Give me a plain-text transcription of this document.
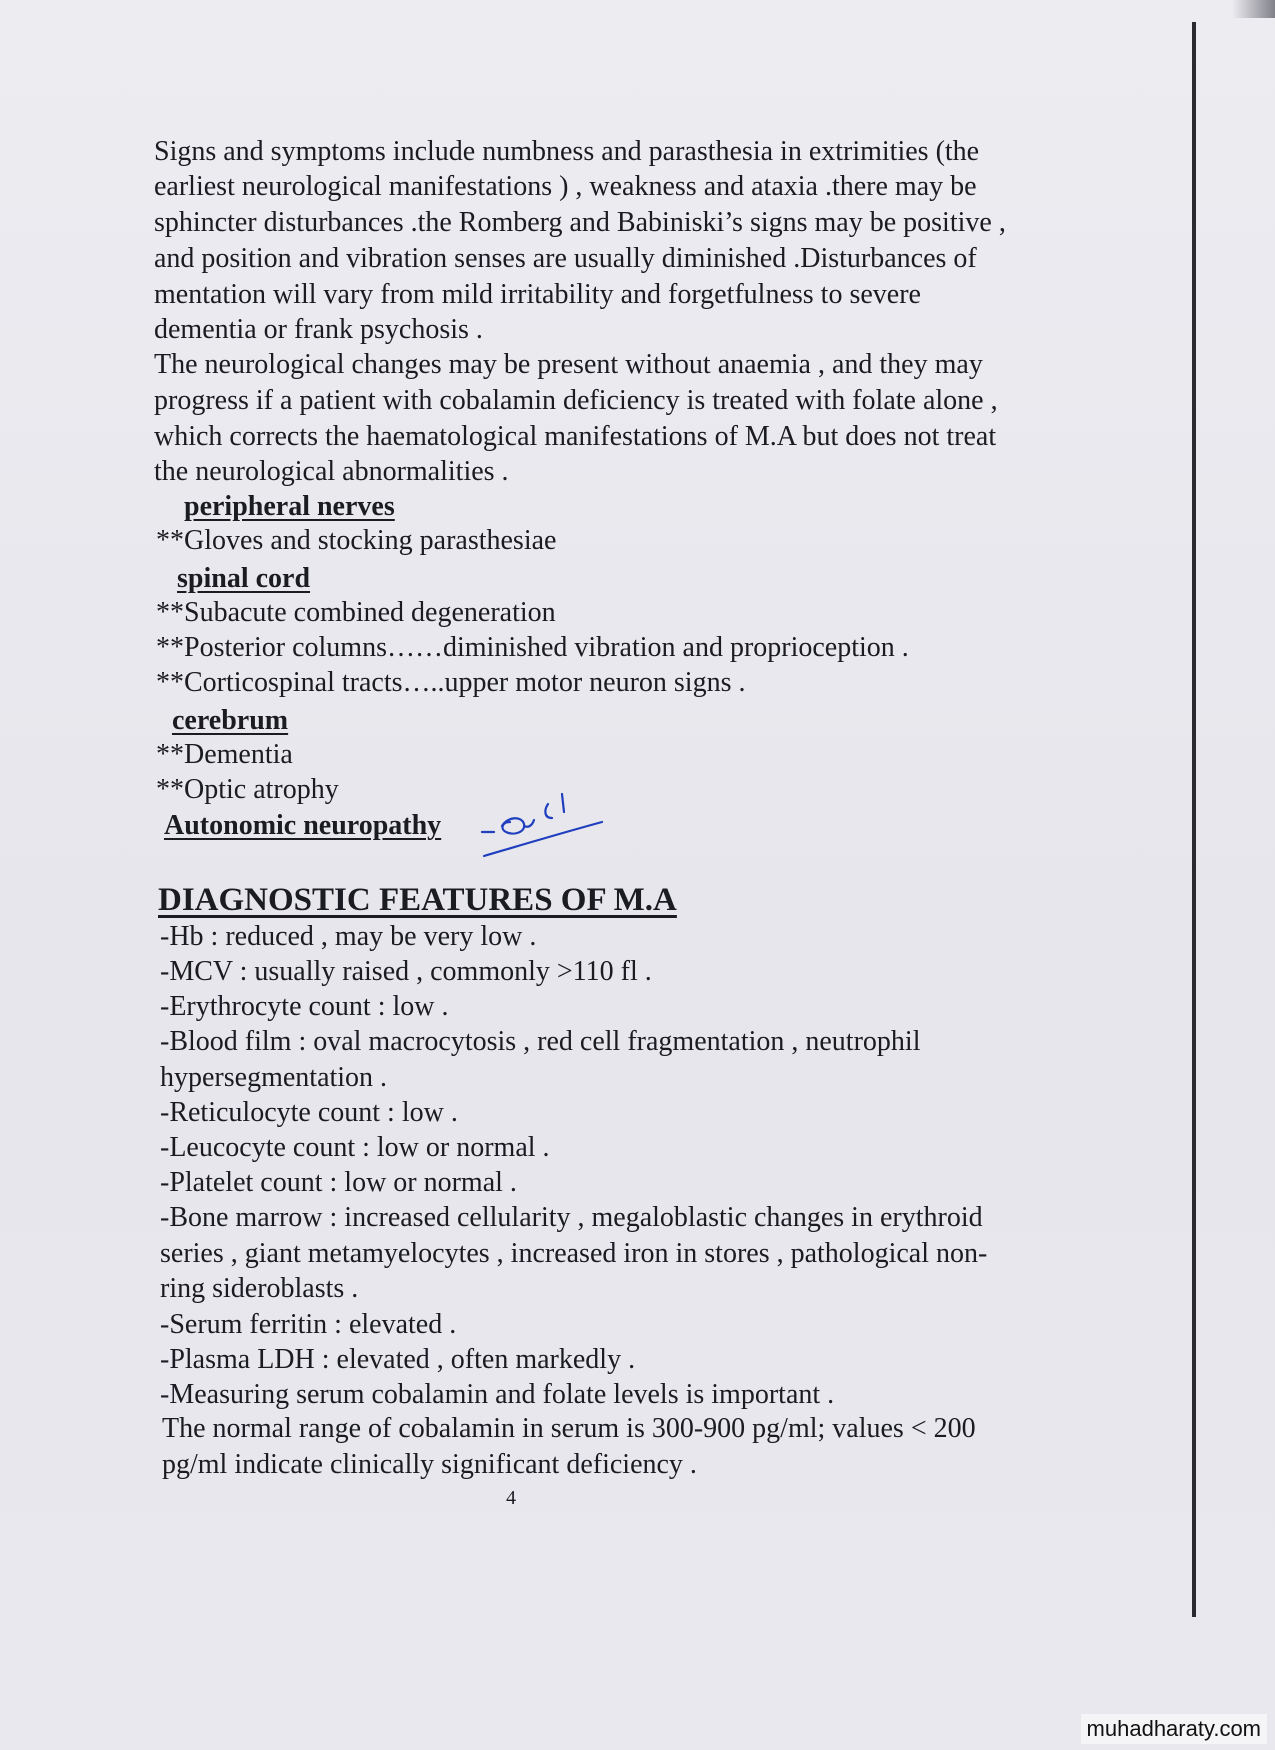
Signs and symptoms include numbness and parasthesia in extrimities (the
earliest neurological manifestations ) , weakness and ataxia .there may be
sphincter disturbances .the Romberg and Babiniski’s signs may be positive ,
and position and vibration senses are usually diminished .Disturbances of
mentation will vary from mild irritability and forgetfulness to severe
dementia or frank psychosis .
The neurological changes may be present without anaemia , and they may
progress if a patient with cobalamin deficiency is treated with folate alone ,
which corrects the haematological manifestations of M.A but does not treat
the neurological abnormalities .
peripheral nerves
**Gloves and stocking parasthesiae
spinal cord
**Subacute combined degeneration
**Posterior columns……diminished vibration and proprioception .
**Corticospinal tracts…..upper motor neuron signs .
cerebrum
**Dementia
**Optic atrophy
Autonomic neuropathy
DIAGNOSTIC FEATURES OF M.A
-Hb : reduced , may be very low .
-MCV : usually raised , commonly >110 fl .
-Erythrocyte count : low .
-Blood film : oval macrocytosis , red cell fragmentation , neutrophil
hypersegmentation .
-Reticulocyte count : low .
-Leucocyte count : low or normal .
-Platelet count : low or normal .
-Bone marrow : increased cellularity , megaloblastic changes in erythroid
series , giant metamyelocytes , increased iron in stores , pathological non-
ring sideroblasts .
-Serum ferritin : elevated .
-Plasma LDH : elevated , often markedly .
-Measuring serum cobalamin and folate levels is important .
The normal range of cobalamin in serum is 300-900 pg/ml; values < 200
pg/ml indicate clinically significant deficiency .
4
muhadharaty.com
